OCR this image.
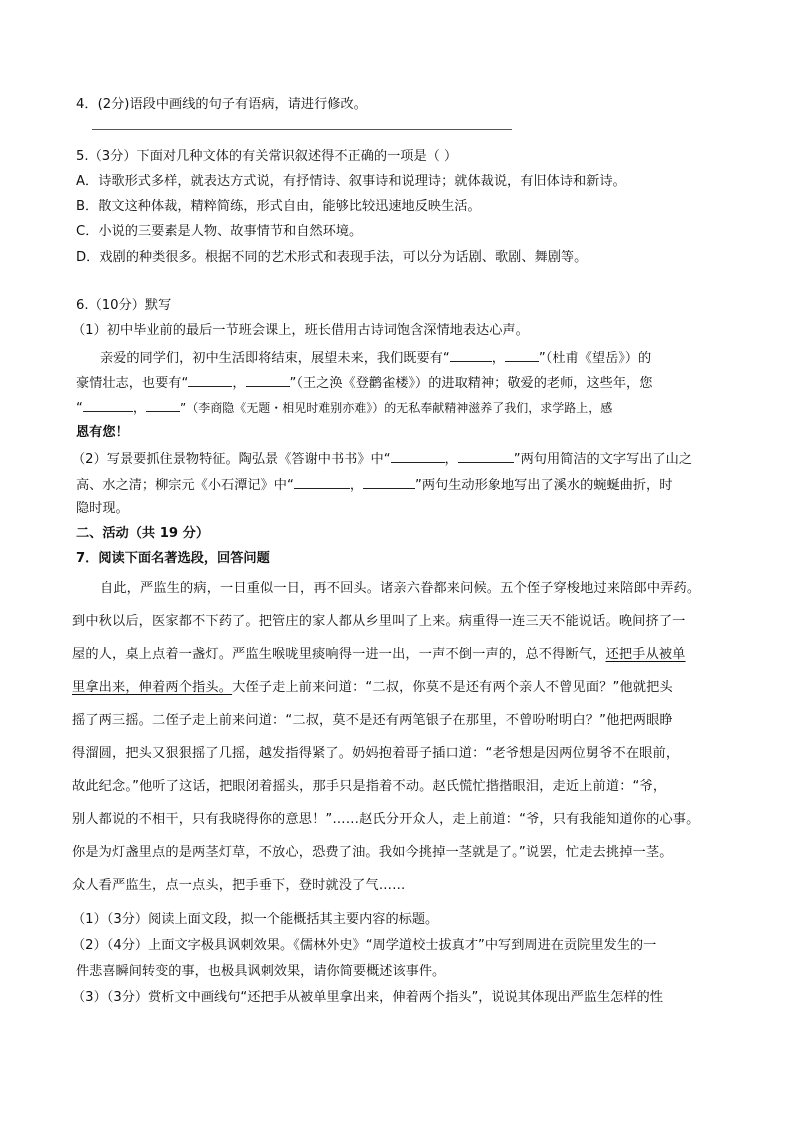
4．(2分)语段中画线的句子有语病，请进行修改。
5.（3分）下面对几种文体的有关常识叙述得不正确的一项是（ ）
A．诗歌形式多样，就表达方式说，有抒情诗、叙事诗和说理诗；就体裁说，有旧体诗和新诗。
B．散文这种体裁，精粹简练，形式自由，能够比较迅速地反映生活。
C．小说的三要素是人物、故事情节和自然环境。
D．戏剧的种类很多。根据不同的艺术形式和表现手法，可以分为话剧、歌剧、舞剧等。
6.（10分）默写
（1）初中毕业前的最后一节班会课上，班长借用古诗词饱含深情地表达心声。
亲爱的同学们，初中生活即将结束，展望未来，我们既要有“	，	”（杜甫《望岳》）的
豪情壮志，也要有“	，	”（王之涣《登鹳雀楼》）的进取精神；敬爱的老师，这些年，您
“	，	”（李商隐《无题・相见时难别亦难》）的无私奉献精神滋养了我们，求学路上，感
恩有您！
（2）写景要抓住景物特征。陶弘景《答谢中书书》中“	，	”两句用简洁的文字写出了山之
高、水之清；柳宗元《小石潭记》中“	，	”两句生动形象地写出了溪水的蜿蜒曲折，时
隐时现。
二、活动（共 19 分）
7．阅读下面名著选段，回答问题
自此，严监生的病，一日重似一日，再不回头。诸亲六眷都来问候。五个侄子穿梭地过来陪郎中弄药。
到中秋以后，医家都不下药了。把管庄的家人都从乡里叫了上来。病重得一连三天不能说话。晚间挤了一
屋的人，桌上点着一盏灯。严监生喉咙里痰响得一进一出，一声不倒一声的，总不得断气，还把手从被单
里拿出来，伸着两个指头。大侄子走上前来问道：“二叔，你莫不是还有两个亲人不曾见面？”他就把头
摇了两三摇。二侄子走上前来问道：“二叔，莫不是还有两笔银子在那里，不曾吩咐明白？”他把两眼睁
得溜圆，把头又狠狠摇了几摇，越发指得紧了。奶妈抱着哥子插口道：“老爷想是因两位舅爷不在眼前，
故此纪念。”他听了这话，把眼闭着摇头，那手只是指着不动。赵氏慌忙揩揩眼泪，走近上前道：“爷，
别人都说的不相干，只有我晓得你的意思！”……赵氏分开众人，走上前道：“爷，只有我能知道你的心事。
你是为灯盏里点的是两茎灯草，不放心，恐费了油。我如今挑掉一茎就是了。”说罢，忙走去挑掉一茎。
众人看严监生，点一点头，把手垂下，登时就没了气……
（1）（3分）阅读上面文段，拟一个能概括其主要内容的标题。
（2）（4分）上面文字极具讽刺效果。《儒林外史》“周学道校士拔真才”中写到周进在贡院里发生的一
件悲喜瞬间转变的事，也极具讽刺效果，请你简要概述该事件。
（3）（3分）赏析文中画线句“还把手从被单里拿出来，伸着两个指头”，说说其体现出严监生怎样的性
